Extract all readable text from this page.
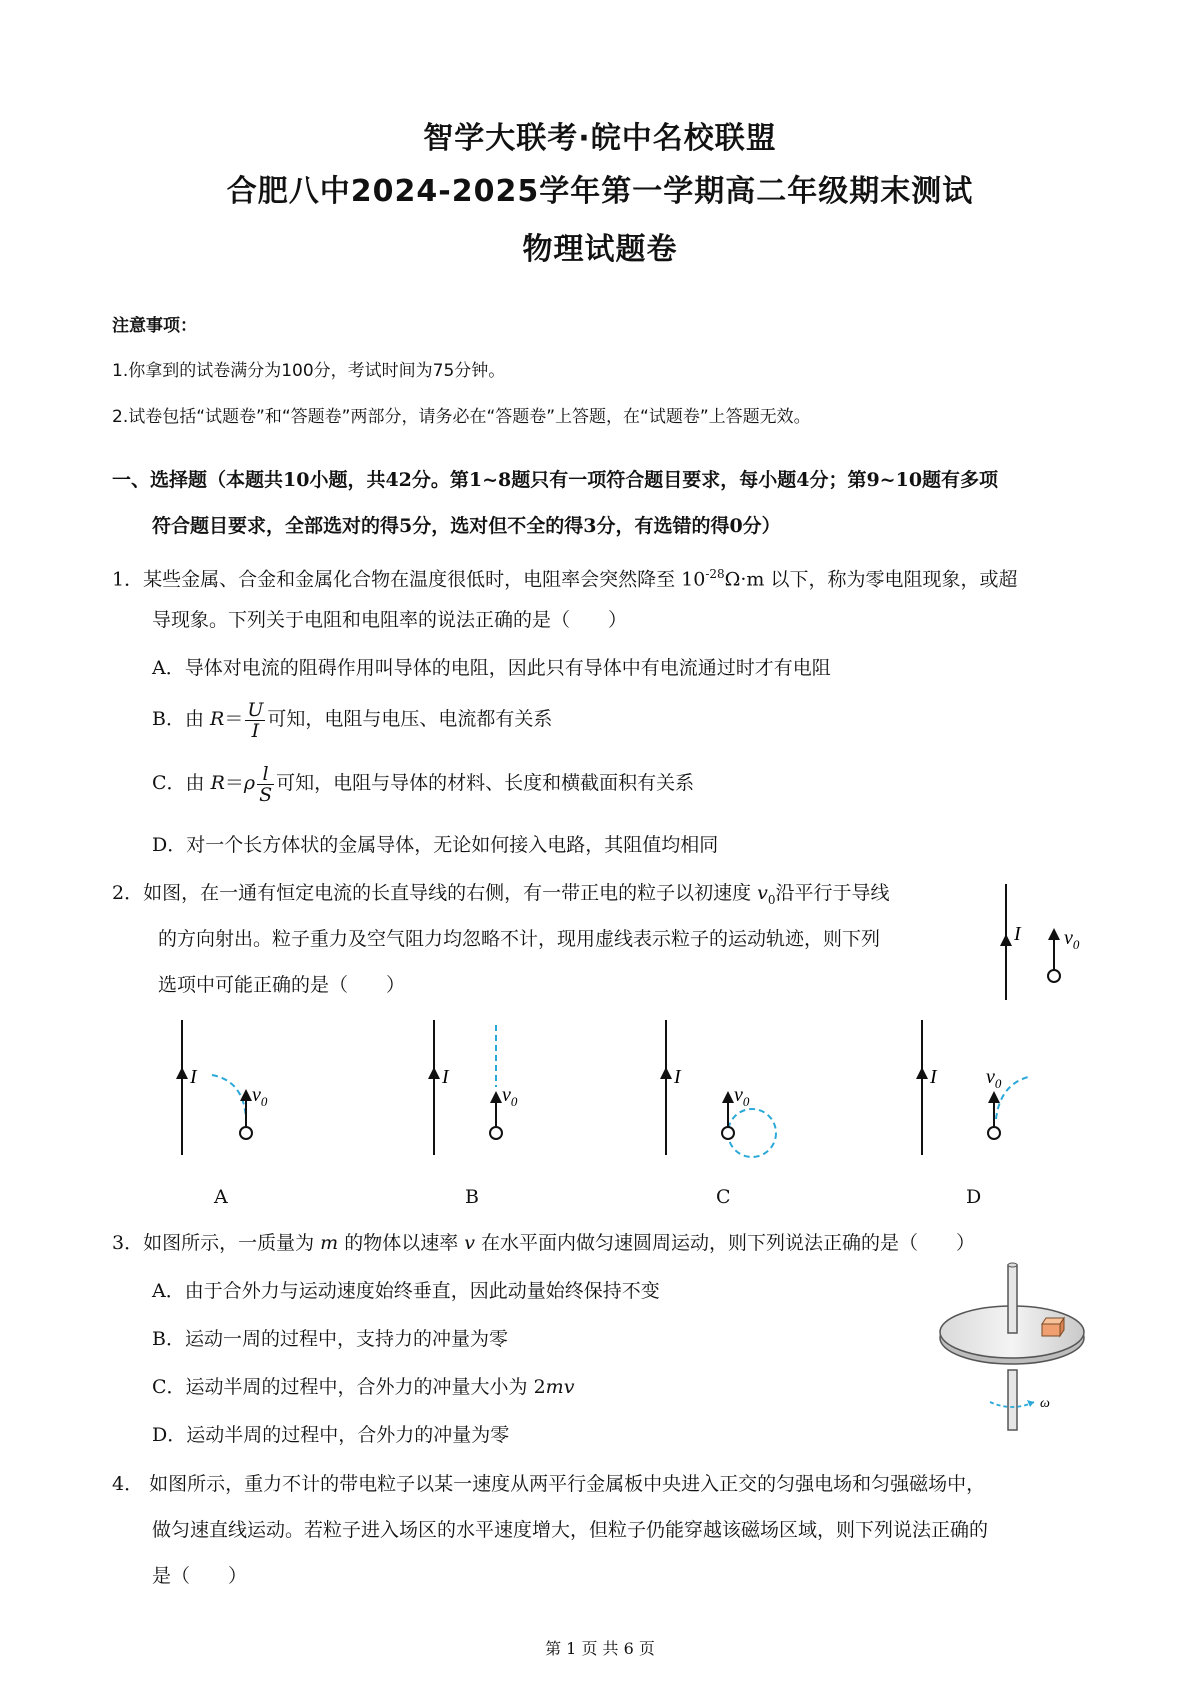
智学大联考·皖中名校联盟
合肥八中2024-2025学年第一学期高二年级期末测试
物理试题卷
注意事项：
1.你拿到的试卷满分为100分，考试时间为75分钟。
2.试卷包括“试题卷”和“答题卷”两部分，请务必在“答题卷”上答题，在“试题卷”上答题无效。
一、选择题（本题共10小题，共42分。第1~8题只有一项符合题目要求，每小题4分；第9~10题有多项
符合题目要求，全部选对的得5分，选对但不全的得3分，有选错的得0分）
1．某些金属、合金和金属化合物在温度很低时，电阻率会突然降至 $10^{-28}\Omega\cdot m$ 以下，称为零电阻现象，或超
导现象。下列关于电阻和电阻率的说法正确的是（　　）
A．导体对电流的阻碍作用叫导体的电阻，因此只有导体中有电流通过时才有电阻
B．由 $R= \frac{U}{I}$ 可知，电阻与电压、电流都有关系
C．由 $R=\rho \frac{l}{S}$ 可知，电阻与导体的材料、长度和横截面积有关系
D．对一个长方体状的金属导体，无论如何接入电路，其阻值均相同
2．如图，在一通有恒定电流的长直导线的右侧，有一带正电的粒子以初速度 $v_0$沿平行于导线
的方向射出。粒子重力及空气阻力均忽略不计，现用虚线表示粒子的运动轨迹，则下列
选项中可能正确的是（　　）
I $v_0$
I
$v_0$
I
$v_0$
I
$v_0$
I $v_0$
A	B	C	D
3．如图所示，一质量为 m 的物体以速率 v 在水平面内做匀速圆周运动，则下列说法正确的是（　　）
A．由于合外力与运动速度始终垂直，因此动量始终保持不变
B．运动一周的过程中，支持力的冲量为零
C．运动半周的过程中，合外力的冲量大小为 2mv
D．运动半周的过程中，合外力的冲量为零
ω
4． 如图所示，重力不计的带电粒子以某一速度从两平行金属板中央进入正交的匀强电场和匀强磁场中，
做匀速直线运动。若粒子进入场区的水平速度增大，但粒子仍能穿越该磁场区域，则下列说法正确的
是（　　）
第 1 页 共 6 页
